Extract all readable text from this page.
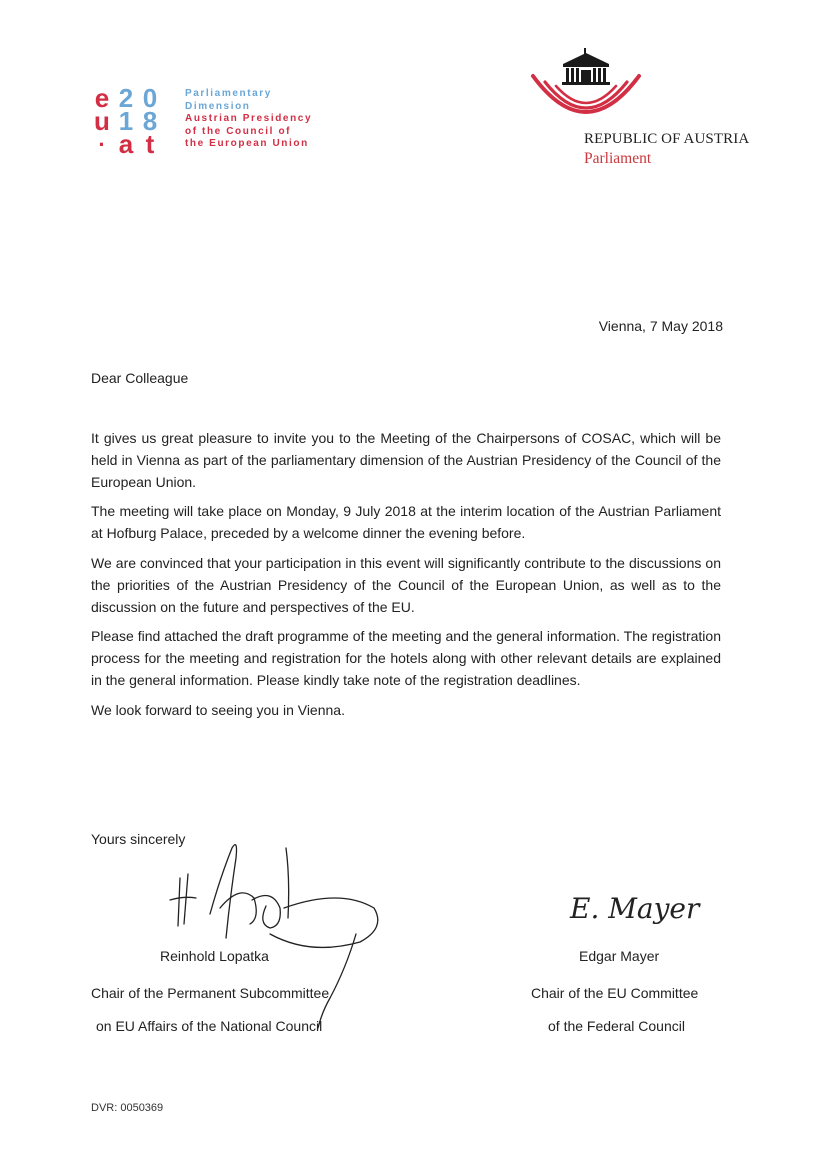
e 2 0
u 1 8
· a t
Parliamentary
Dimension
Austrian Presidency
of the Council of
the European Union	REPUBLIC OF AUSTRIA
Parliament
Vienna, 7 May 2018
Dear Colleague

It gives us great pleasure to invite you to the Meeting of the Chairpersons of COSAC, which will be held in Vienna as part of the parliamentary dimension of the Austrian Presidency of the Council of the European Union.

The meeting will take place on Monday, 9 July 2018 at the interim location of the Austrian Parliament at Hofburg Palace, preceded by a welcome dinner the evening before.

We are convinced that your participation in this event will significantly contribute to the discussions on the priorities of the Austrian Presidency of the Council of the European Union, as well as to the discussion on the future and perspectives of the EU.

Please find attached the draft programme of the meeting and the general information. The registration process for the meeting and registration for the hotels along with other relevant details are explained in the general information. Please kindly take note of the registration deadlines.

We look forward to seeing you in Vienna.

Yours sincerely
E. Mayer
Reinhold Lopatka	Edgar Mayer
Chair of the Permanent Subcommittee
on EU Affairs of the National Council
Chair of the EU Committee
of the Federal Council
DVR: 0050369
